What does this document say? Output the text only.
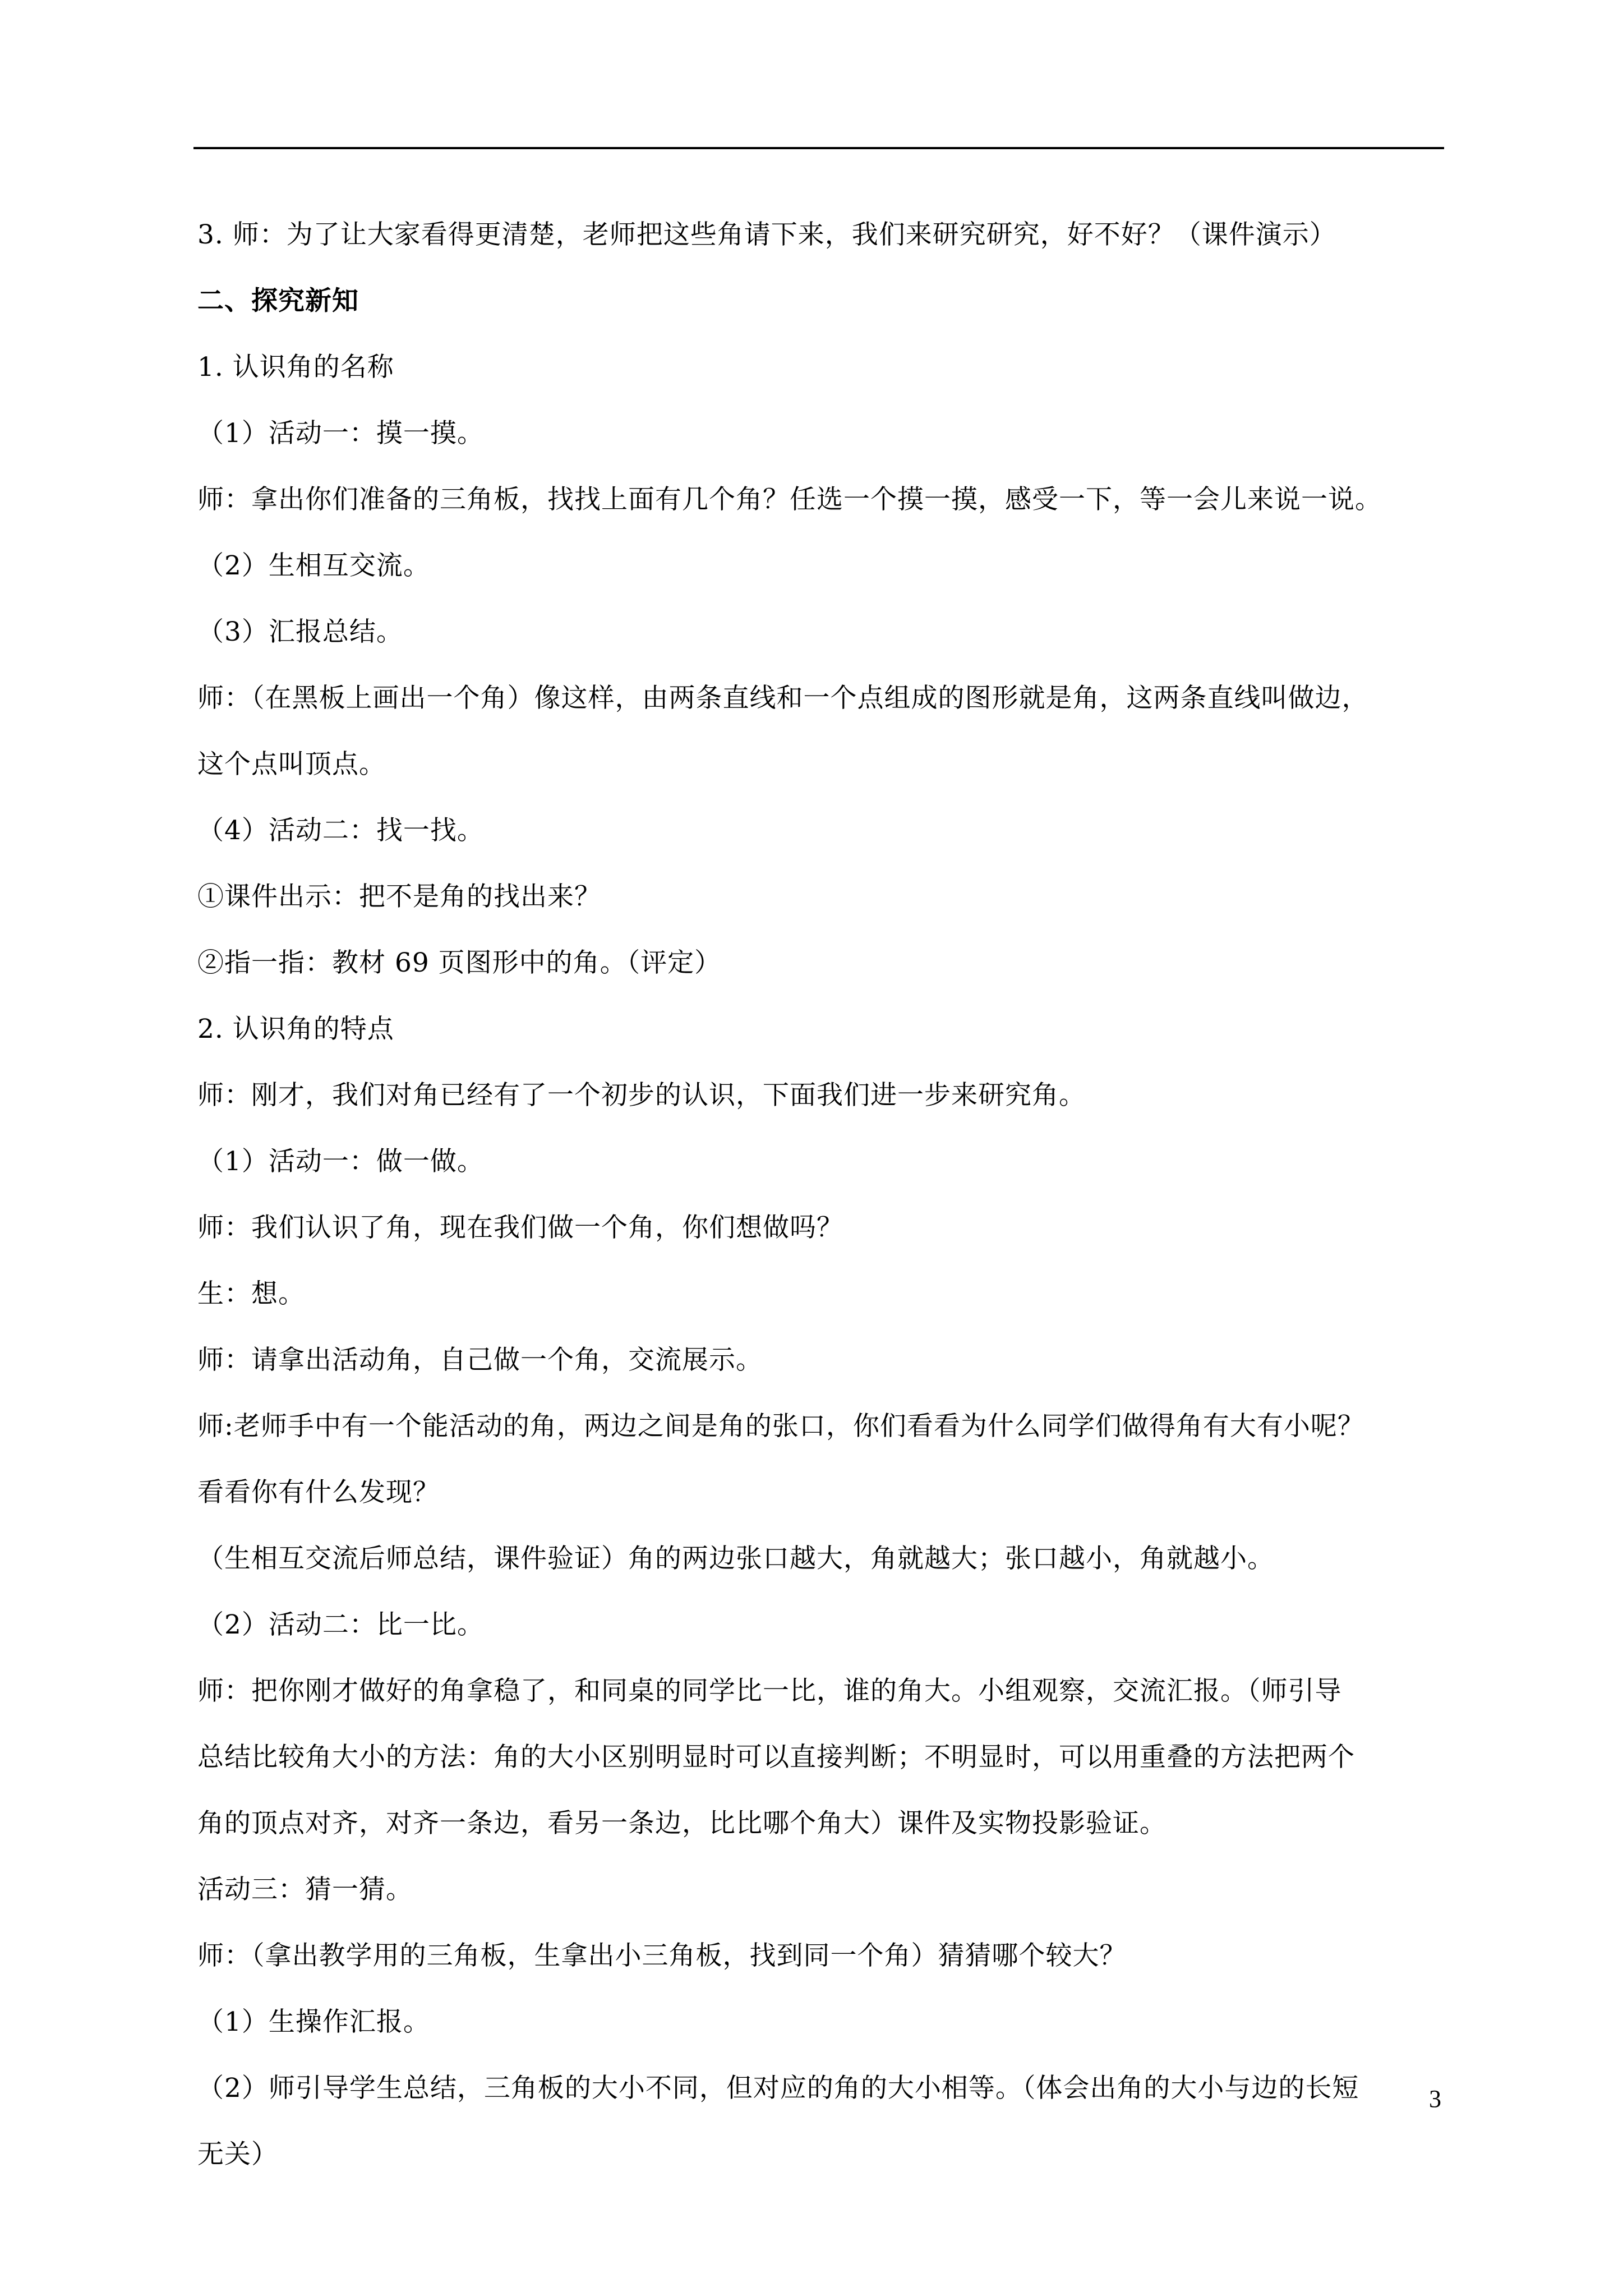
3. 师：为了让大家看得更清楚，老师把这些角请下来，我们来研究研究，好不好？（课件演示）
二、探究新知
1. 认识角的名称
（1）活动一：摸一摸。
师：拿出你们准备的三角板，找找上面有几个角？任选一个摸一摸，感受一下，等一会儿来说一说。
（2）生相互交流。
（3）汇报总结。
师：（在黑板上画出一个角）像这样，由两条直线和一个点组成的图形就是角，这两条直线叫做边，
这个点叫顶点。
（4）活动二：找一找。
①课件出示：把不是角的找出来？
②指一指：教材 69 页图形中的角。（评定）
2. 认识角的特点
师：刚才，我们对角已经有了一个初步的认识，下面我们进一步来研究角。
（1）活动一：做一做。
师：我们认识了角，现在我们做一个角，你们想做吗？
生：想。
师：请拿出活动角，自己做一个角，交流展示。
师:老师手中有一个能活动的角，两边之间是角的张口，你们看看为什么同学们做得角有大有小呢？
看看你有什么发现？
（生相互交流后师总结，课件验证）角的两边张口越大，角就越大；张口越小，角就越小。
（2）活动二：比一比。
师：把你刚才做好的角拿稳了，和同桌的同学比一比，谁的角大。小组观察，交流汇报。（师引导
总结比较角大小的方法：角的大小区别明显时可以直接判断；不明显时，可以用重叠的方法把两个
角的顶点对齐，对齐一条边，看另一条边，比比哪个角大）课件及实物投影验证。
活动三：猜一猜。
师：（拿出教学用的三角板，生拿出小三角板，找到同一个角）猜猜哪个较大？
（1）生操作汇报。
（2）师引导学生总结，三角板的大小不同，但对应的角的大小相等。（体会出角的大小与边的长短
无关）
3
